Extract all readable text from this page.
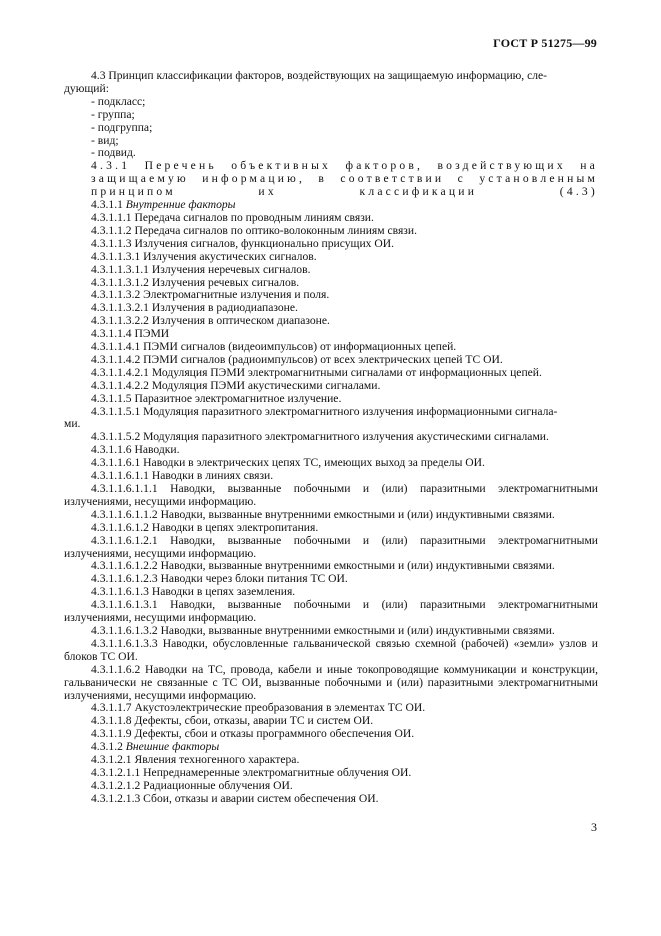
ГОСТ Р 51275—99
4.3 Принцип классификации факторов, воздействующих на защищаемую информацию, сле-
дующий:
- подкласс;
- группа;
- подгруппа;
- вид;
- подвид.
4.3.1 Перечень объективных факторов, воздействующих на защищаемую информацию, в соответствии с установленным принципом их классификации (4.3)
4.3.1.1 Внутренние факторы
4.3.1.1.1 Передача сигналов по проводным линиям связи.
4.3.1.1.2 Передача сигналов по оптико-волоконным линиям связи.
4.3.1.1.3 Излучения сигналов, функционально присущих ОИ.
4.3.1.1.3.1 Излучения акустических сигналов.
4.3.1.1.3.1.1 Излучения неречевых сигналов.
4.3.1.1.3.1.2 Излучения речевых сигналов.
4.3.1.1.3.2 Электромагнитные излучения и поля.
4.3.1.1.3.2.1 Излучения в радиодиапазоне.
4.3.1.1.3.2.2 Излучения в оптическом диапазоне.
4.3.1.1.4 ПЭМИ
4.3.1.1.4.1 ПЭМИ сигналов (видеоимпульсов) от информационных цепей.
4.3.1.1.4.2 ПЭМИ сигналов (радиоимпульсов) от всех электрических цепей ТС ОИ.
4.3.1.1.4.2.1 Модуляция ПЭМИ электромагнитными сигналами от информационных цепей.
4.3.1.1.4.2.2 Модуляция ПЭМИ акустическими сигналами.
4.3.1.1.5 Паразитное электромагнитное излучение.
4.3.1.1.5.1 Модуляция паразитного электромагнитного излучения информационными сигнала-
ми.
4.3.1.1.5.2 Модуляция паразитного электромагнитного излучения акустическими сигналами.
4.3.1.1.6 Наводки.
4.3.1.1.6.1 Наводки в электрических цепях ТС, имеющих выход за пределы ОИ.
4.3.1.1.6.1.1 Наводки в линиях связи.
4.3.1.1.6.1.1.1 Наводки, вызванные побочными и (или) паразитными электромагнитными излучениями, несущими информацию.
4.3.1.1.6.1.1.2 Наводки, вызванные внутренними емкостными и (или) индуктивными связями.
4.3.1.1.6.1.2 Наводки в цепях электропитания.
4.3.1.1.6.1.2.1 Наводки, вызванные побочными и (или) паразитными электромагнитными излучениями, несущими информацию.
4.3.1.1.6.1.2.2 Наводки, вызванные внутренними емкостными и (или) индуктивными связями.
4.3.1.1.6.1.2.3 Наводки через блоки питания ТС ОИ.
4.3.1.1.6.1.3 Наводки в цепях заземления.
4.3.1.1.6.1.3.1 Наводки, вызванные побочными и (или) паразитными электромагнитными излучениями, несущими информацию.
4.3.1.1.6.1.3.2 Наводки, вызванные внутренними емкостными и (или) индуктивными связями.
4.3.1.1.6.1.3.3 Наводки, обусловленные гальванической связью схемной (рабочей) «земли» узлов и блоков ТС ОИ.
4.3.1.1.6.2 Наводки на ТС, провода, кабели и иные токопроводящие коммуникации и конструкции, гальванически не связанные с ТС ОИ, вызванные побочными и (или) паразитными электромагнитными излучениями, несущими информацию.
4.3.1.1.7 Акустоэлектрические преобразования в элементах ТС ОИ.
4.3.1.1.8 Дефекты, сбои, отказы, аварии ТС и систем ОИ.
4.3.1.1.9 Дефекты, сбои и отказы программного обеспечения ОИ.
4.3.1.2 Внешние факторы
4.3.1.2.1 Явления техногенного характера.
4.3.1.2.1.1 Непреднамеренные электромагнитные облучения ОИ.
4.3.1.2.1.2 Радиационные облучения ОИ.
4.3.1.2.1.3 Сбои, отказы и аварии систем обеспечения ОИ.
3
